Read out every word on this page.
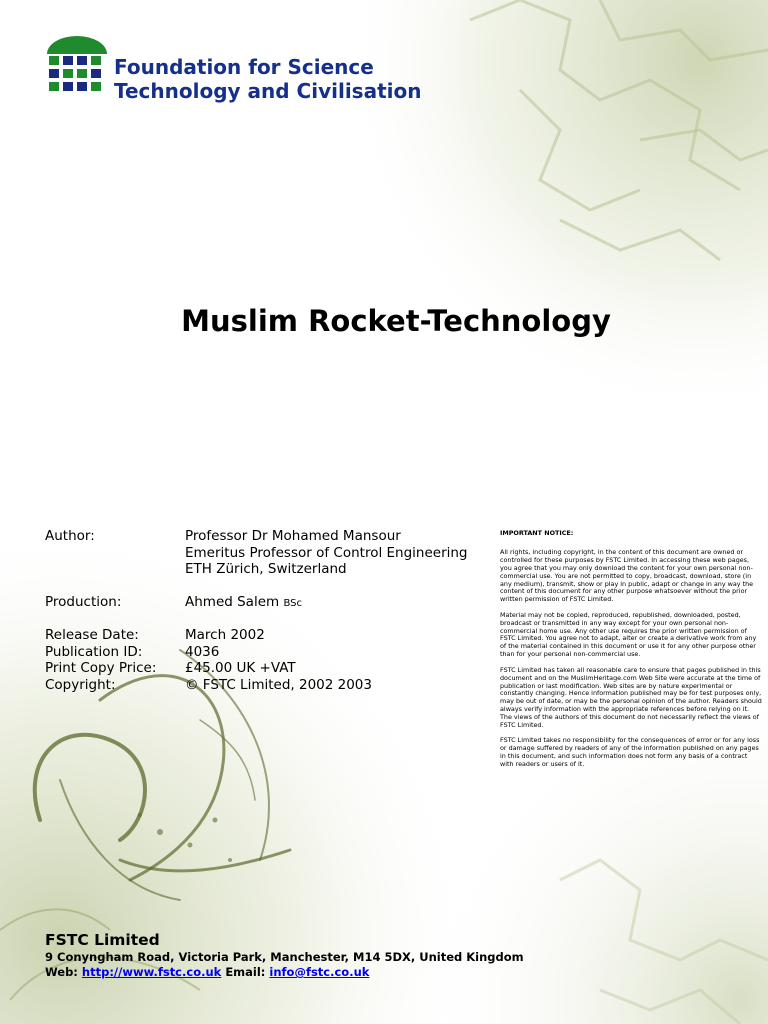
Foundation for Science
Technology and Civilisation
Muslim Rocket-Technology
Author:	Professor Dr Mohamed Mansour
Emeritus Professor of Control Engineering
ETH Zürich, Switzerland
Production:	Ahmed Salem BSc
Release Date:	March 2002
Publication ID:	4036
Print Copy Price:	£45.00 UK +VAT
Copyright:	© FSTC Limited, 2002 2003
IMPORTANT NOTICE:

All rights, including copyright, in the content of this document are owned or controlled for these purposes by FSTC Limited. In accessing these web pages, you agree that you may only download the content for your own personal non-commercial use. You are not permitted to copy, broadcast, download, store (in any medium), transmit, show or play in public, adapt or change in any way the content of this document for any other purpose whatsoever without the prior written permission of FSTC Limited.

Material may not be copied, reproduced, republished, downloaded, posted, broadcast or transmitted in any way except for your own personal non-commercial home use. Any other use requires the prior written permission of FSTC Limited. You agree not to adapt, alter or create a derivative work from any of the material contained in this document or use it for any other purpose other than for your personal non-commercial use.

FSTC Limited has taken all reasonable care to ensure that pages published in this document and on the MuslimHeritage.com Web Site were accurate at the time of publication or last modification. Web sites are by nature experimental or constantly changing. Hence information published may be for test purposes only, may be out of date, or may be the personal opinion of the author. Readers should always verify information with the appropriate references before relying on it. The views of the authors of this document do not necessarily reflect the views of FSTC Limited.

FSTC Limited takes no responsibility for the consequences of error or for any loss or damage suffered by readers of any of the information published on any pages in this document, and such information does not form any basis of a contract with readers or users of it.

FSTC Limited
9 Conyngham Road, Victoria Park, Manchester, M14 5DX, United Kingdom
Web: http://www.fstc.co.uk Email: info@fstc.co.uk
